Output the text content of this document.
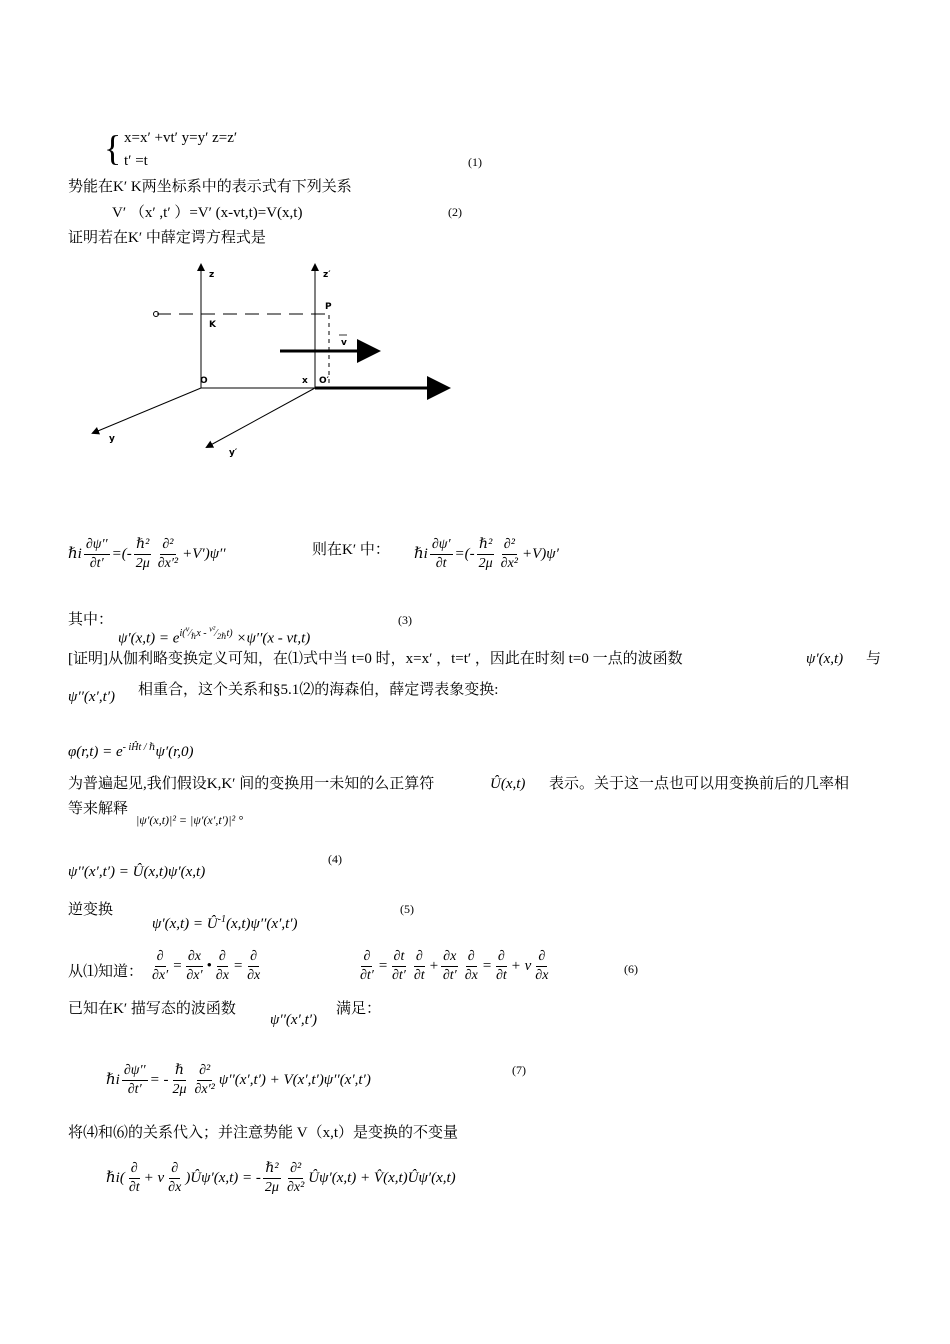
{ x=x′ +vt′ y=y′ z=z′
t′ =t	(1)
势能在K′ K两坐标系中的表示式有下列关系
V′ （x′ ,t′ ）=V′ (x-vt,t)=V(x,t)	(2)
证明若在K′ 中薛定谔方程式是
z	z′
K
P
v
O	x O′
y
y′
ℏi $\frac{\partial\psi''}{\partial t'}$ =(- $\frac{\text{ℏ²}}{2\mu} \frac{\text{∂²}}{\text{∂x′²}} +V')\psi''$	则在K′ 中： ℏi $\frac{\partial\psi'}{\partial t}$ =(- $\frac{\text{ℏ²}}{2\mu} \frac{\text{∂²}}{\text{∂x²}} +V)\psi'$
其中：
$\psi'(x,t) = e^{i(^v⁄_\hbar x - ^{v^2}⁄_{2\hbar}t)} \times\psi''(x - vt,t)$
(3)
[证明]从伽利略变换定义可知，在⑴式中当 t=0 时，x=x′ ，t=t′ ，因此在时刻 t=0 一点的波函数	ψ′(x,t) 与
ψ′′(x′,t′) 相重合，这个关系和§5.1⑵的海森伯，薛定谔表象变换:
$\varphi(r,t) = e^{- iĤt / \hbar}\psi'(r,0)$
为普遍起见,我们假设K,K′ 间的变换用一未知的么正算符	Û(x,t) 表示。关于这一点也可以用变换前后的几率相
等来解释
|ψ′(x,t)|² = |ψ′(x′,t′)|² °
ψ′′(x′,t′) = Û(x,t)ψ′(x,t)
(4)
逆变换
$\psi'(x,t) = Û^{-1}(x,t)\psi''(x',t')$
(5)
从⑴知道： $\frac{\partial}{\partial x'} = \frac{\partial x}{\partial x'}$ • $\frac{\partial}{\partial x} = \frac{\partial}{\partial x}$	$\frac{\partial}{\partial t'} = \frac{\partial t}{\partial t'} \frac{\partial}{\partial t} + \frac{\partial x}{\partial t'} \frac{\partial}{\partial x} = \frac{\partial}{\partial t} + v \frac{\partial}{\partial x}$	(6)
已知在K′ 描写态的波函数
ψ′′(x′,t′)
满足：
ℏi $\frac{\partial\psi''}{\partial t'}$ = - $\frac{\text{ℏ}}{2\mu} \frac{\text{∂²}}{\text{∂x′²}} \psi''(x',t') + V(x',t')\psi''(x',t')$
(7)
将⑷和⑹的关系代入；并注意势能 V（x,t）是变换的不变量
ℏi( $\frac{\partial}{\partial t} + v \frac{\partial}{\partial x}$ )Ûψ′(x,t) = - $\frac{\text{ℏ²}}{2\mu} \frac{\text{∂²}}{\text{∂x²}}$ Ûψ′(x,t) + V̂(x,t)Ûψ′(x,t)
